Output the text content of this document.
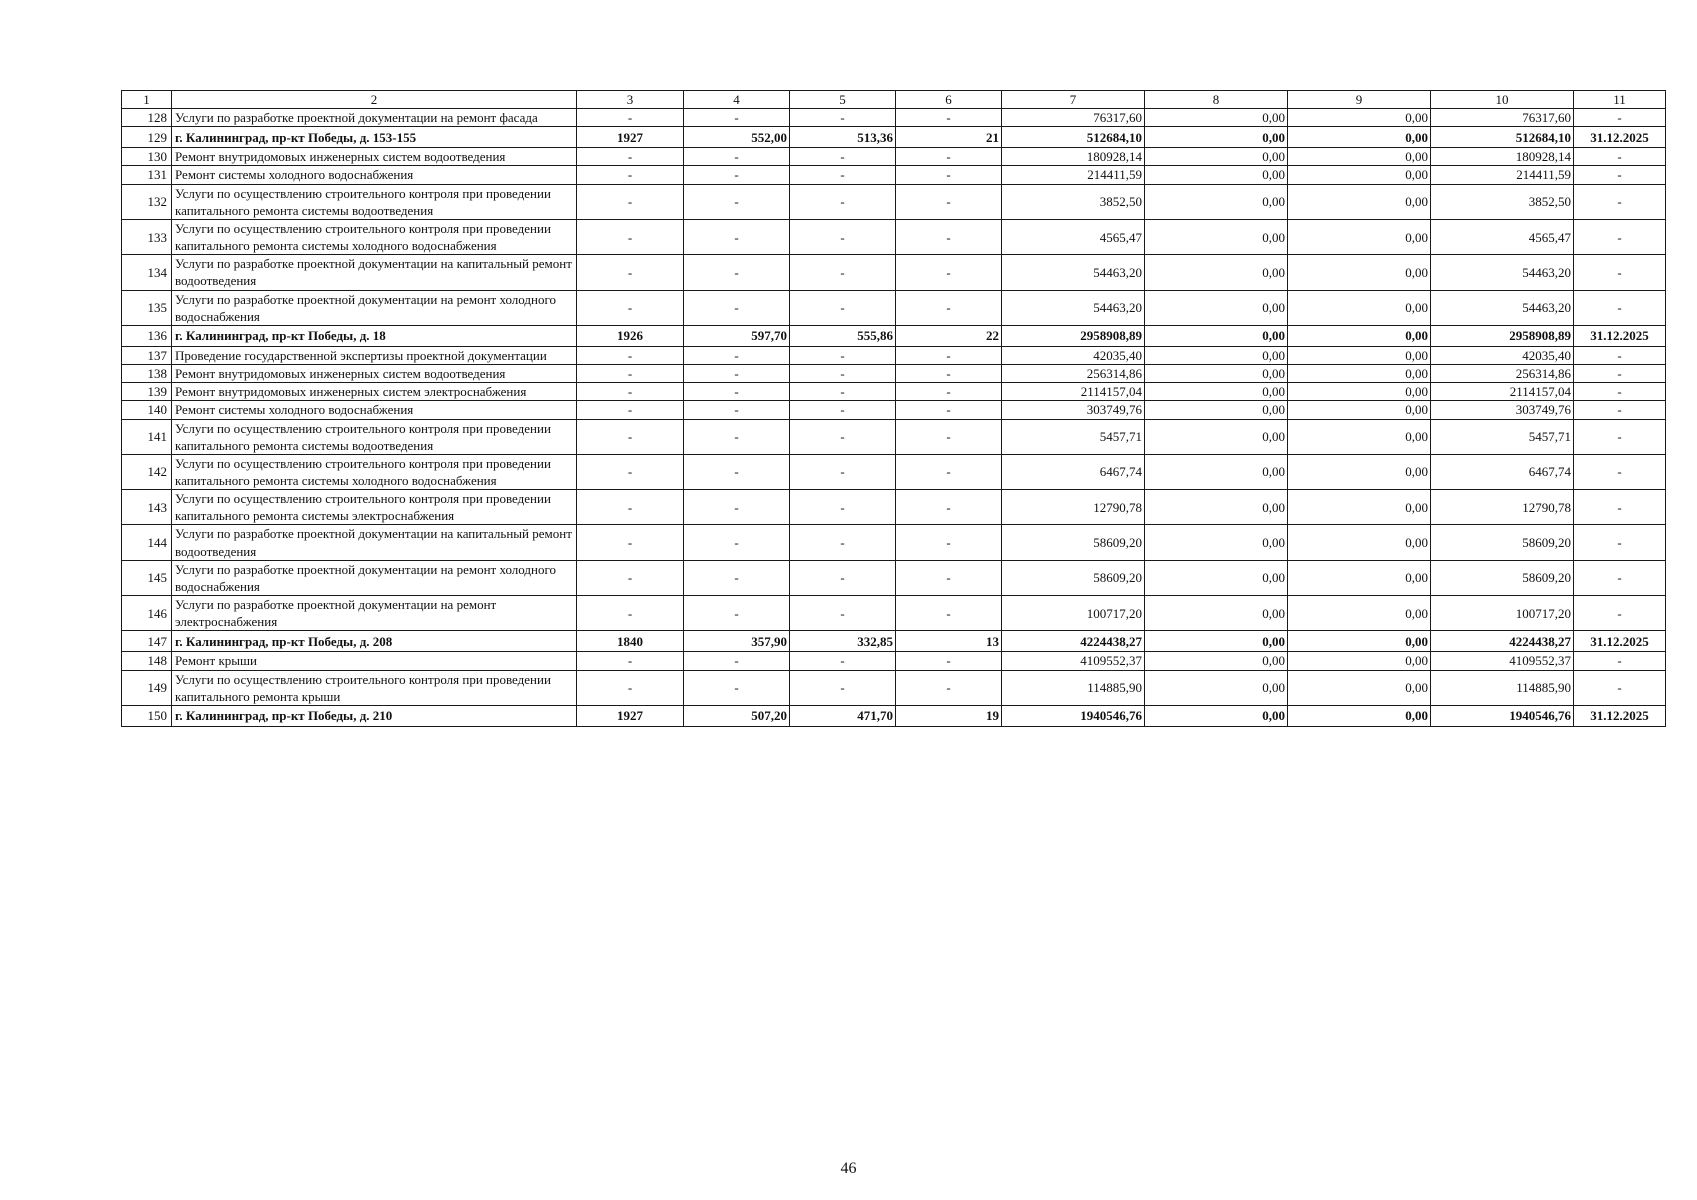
1	2	3	4	5	6	7	8	9	10	11
128	Услуги по разработке проектной документации на ремонт фасада	-	-	-	-	76317,60	0,00	0,00	76317,60	-
129	г. Калининград, пр-кт Победы, д. 153-155	1927	552,00	513,36	21	512684,10	0,00	0,00	512684,10	31.12.2025
130	Ремонт внутридомовых инженерных систем водоотведения	-	-	-	-	180928,14	0,00	0,00	180928,14	-
131	Ремонт системы холодного водоснабжения	-	-	-	-	214411,59	0,00	0,00	214411,59	-
132	Услуги по осуществлению строительного контроля при проведении капитального ремонта системы водоотведения	-	-	-	-	3852,50	0,00	0,00	3852,50	-
133	Услуги по осуществлению строительного контроля при проведении капитального ремонта системы холодного водоснабжения	-	-	-	-	4565,47	0,00	0,00	4565,47	-
134	Услуги по разработке проектной документации на капитальный ремонт водоотведения	-	-	-	-	54463,20	0,00	0,00	54463,20	-
135	Услуги по разработке проектной документации на ремонт холодного водоснабжения	-	-	-	-	54463,20	0,00	0,00	54463,20	-
136	г. Калининград, пр-кт Победы, д. 18	1926	597,70	555,86	22	2958908,89	0,00	0,00	2958908,89	31.12.2025
137	Проведение государственной экспертизы проектной документации	-	-	-	-	42035,40	0,00	0,00	42035,40	-
138	Ремонт внутридомовых инженерных систем водоотведения	-	-	-	-	256314,86	0,00	0,00	256314,86	-
139	Ремонт внутридомовых инженерных систем электроснабжения	-	-	-	-	2114157,04	0,00	0,00	2114157,04	-
140	Ремонт системы холодного водоснабжения	-	-	-	-	303749,76	0,00	0,00	303749,76	-
141	Услуги по осуществлению строительного контроля при проведении капитального ремонта системы водоотведения	-	-	-	-	5457,71	0,00	0,00	5457,71	-
142	Услуги по осуществлению строительного контроля при проведении капитального ремонта системы холодного водоснабжения	-	-	-	-	6467,74	0,00	0,00	6467,74	-
143	Услуги по осуществлению строительного контроля при проведении капитального ремонта системы электроснабжения	-	-	-	-	12790,78	0,00	0,00	12790,78	-
144	Услуги по разработке проектной документации на капитальный ремонт водоотведения	-	-	-	-	58609,20	0,00	0,00	58609,20	-
145	Услуги по разработке проектной документации на ремонт холодного водоснабжения	-	-	-	-	58609,20	0,00	0,00	58609,20	-
146	Услуги по разработке проектной документации на ремонт электроснабжения	-	-	-	-	100717,20	0,00	0,00	100717,20	-
147	г. Калининград, пр-кт Победы, д. 208	1840	357,90	332,85	13	4224438,27	0,00	0,00	4224438,27	31.12.2025
148	Ремонт крыши	-	-	-	-	4109552,37	0,00	0,00	4109552,37	-
149	Услуги по осуществлению строительного контроля при проведении капитального ремонта крыши	-	-	-	-	114885,90	0,00	0,00	114885,90	-
150	г. Калининград, пр-кт Победы, д. 210	1927	507,20	471,70	19	1940546,76	0,00	0,00	1940546,76	31.12.2025
46
